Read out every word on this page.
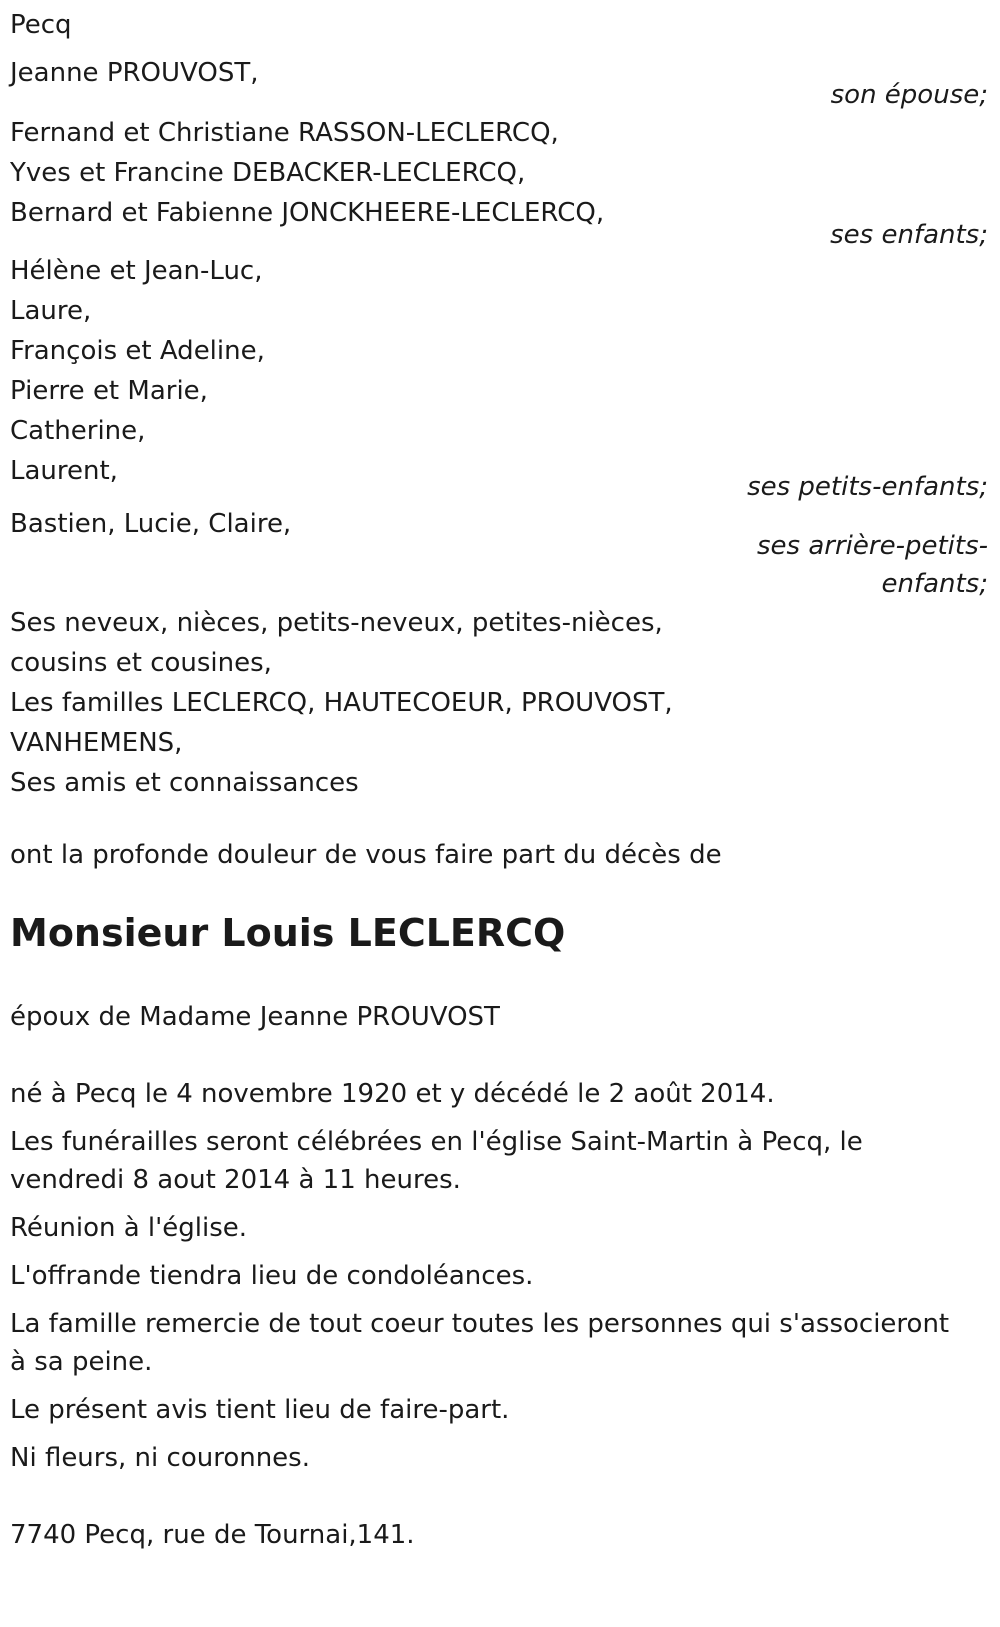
Pecq
Jeanne PROUVOST,
son épouse;
Fernand et Christiane RASSON-LECLERCQ,
Yves et Francine DEBACKER-LECLERCQ,
Bernard et Fabienne JONCKHEERE-LECLERCQ,
ses enfants;
Hélène et Jean-Luc,
Laure,
François et Adeline,
Pierre et Marie,
Catherine,
Laurent,
ses petits-enfants;
Bastien, Lucie, Claire,
ses arrière-petits-
enfants;
Ses neveux, nièces, petits-neveux, petites-nièces,
cousins et cousines,
Les familles LECLERCQ, HAUTECOEUR, PROUVOST,
VANHEMENS,
Ses amis et connaissances
ont la profonde douleur de vous faire part du décès de
Monsieur Louis LECLERCQ
époux de Madame Jeanne PROUVOST
né à Pecq le 4 novembre 1920 et y décédé le 2 août 2014.
Les funérailles seront célébrées en l'église Saint-Martin à Pecq, le
vendredi 8 aout 2014 à 11 heures.
Réunion à l'église.
L'offrande tiendra lieu de condoléances.
La famille remercie de tout coeur toutes les personnes qui s'associeront
à sa peine.
Le présent avis tient lieu de faire-part.
Ni fleurs, ni couronnes.
7740 Pecq, rue de Tournai,141.
